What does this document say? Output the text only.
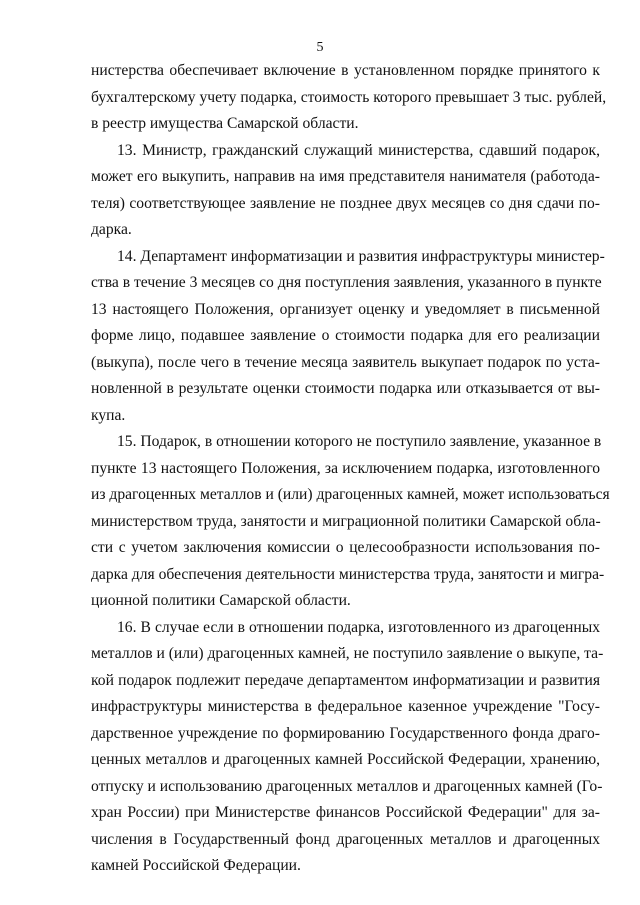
5
нистерства обеспечивает включение в установленном порядке принятого к
бухгалтерскому учету подарка, стоимость которого превышает 3 тыс. рублей,
в реестр имущества Самарской области.
13. Министр, гражданский служащий министерства, сдавший подарок,
может его выкупить, направив на имя представителя нанимателя (работода-
теля) соответствующее заявление не позднее двух месяцев со дня сдачи по-
дарка.
14. Департамент информатизации и развития инфраструктуры министер-
ства в течение 3 месяцев со дня поступления заявления, указанного в пункте
13 настоящего Положения, организует оценку и уведомляет в письменной
форме лицо, подавшее заявление о стоимости подарка для его реализации
(выкупа), после чего в течение месяца заявитель выкупает подарок по уста-
новленной в результате оценки стоимости подарка или отказывается от вы-
купа.
15. Подарок, в отношении которого не поступило заявление, указанное в
пункте 13 настоящего Положения, за исключением подарка, изготовленного
из драгоценных металлов и (или) драгоценных камней, может использоваться
министерством труда, занятости и миграционной политики Самарской обла-
сти с учетом заключения комиссии о целесообразности использования по-
дарка для обеспечения деятельности министерства труда, занятости и мигра-
ционной политики Самарской области.
16. В случае если в отношении подарка, изготовленного из драгоценных
металлов и (или) драгоценных камней, не поступило заявление о выкупе, та-
кой подарок подлежит передаче департаментом информатизации и развития
инфраструктуры министерства в федеральное казенное учреждение "Госу-
дарственное учреждение по формированию Государственного фонда драго-
ценных металлов и драгоценных камней Российской Федерации, хранению,
отпуску и использованию драгоценных металлов и драгоценных камней (Го-
хран России) при Министерстве финансов Российской Федерации" для за-
числения в Государственный фонд драгоценных металлов и драгоценных
камней Российской Федерации.
